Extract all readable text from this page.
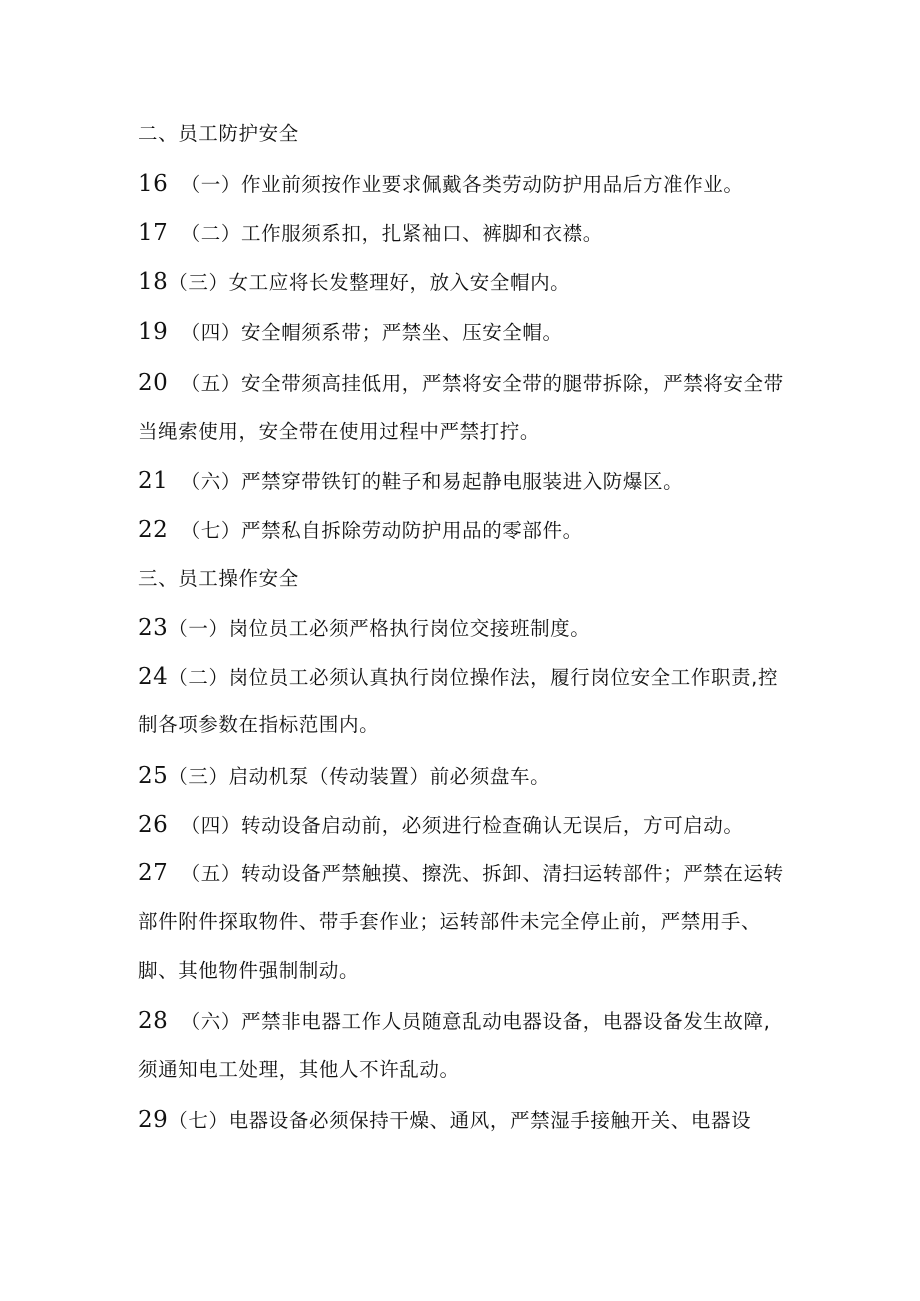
二、员工防护安全
16 （一）作业前须按作业要求佩戴各类劳动防护用品后方准作业。
17 （二）工作服须系扣，扎紧袖口、裤脚和衣襟。
18（三）女工应将长发整理好，放入安全帽内。
19 （四）安全帽须系带；严禁坐、压安全帽。
20 （五）安全带须高挂低用，严禁将安全带的腿带拆除，严禁将安全带
当绳索使用，安全带在使用过程中严禁打拧。
21 （六）严禁穿带铁钉的鞋子和易起静电服装进入防爆区。
22 （七）严禁私自拆除劳动防护用品的零部件。
三、员工操作安全
23（一）岗位员工必须严格执行岗位交接班制度。
24（二）岗位员工必须认真执行岗位操作法，履行岗位安全工作职责,控
制各项参数在指标范围内。
25（三）启动机泵（传动装置）前必须盘车。
26 （四）转动设备启动前，必须进行检查确认无误后，方可启动。
27 （五）转动设备严禁触摸、擦洗、拆卸、清扫运转部件；严禁在运转
部件附件探取物件、带手套作业；运转部件未完全停止前，严禁用手、
脚、其他物件强制制动。
28 （六）严禁非电器工作人员随意乱动电器设备，电器设备发生故障,
须通知电工处理，其他人不许乱动。
29（七）电器设备必须保持干燥、通风，严禁湿手接触开关、电器设
